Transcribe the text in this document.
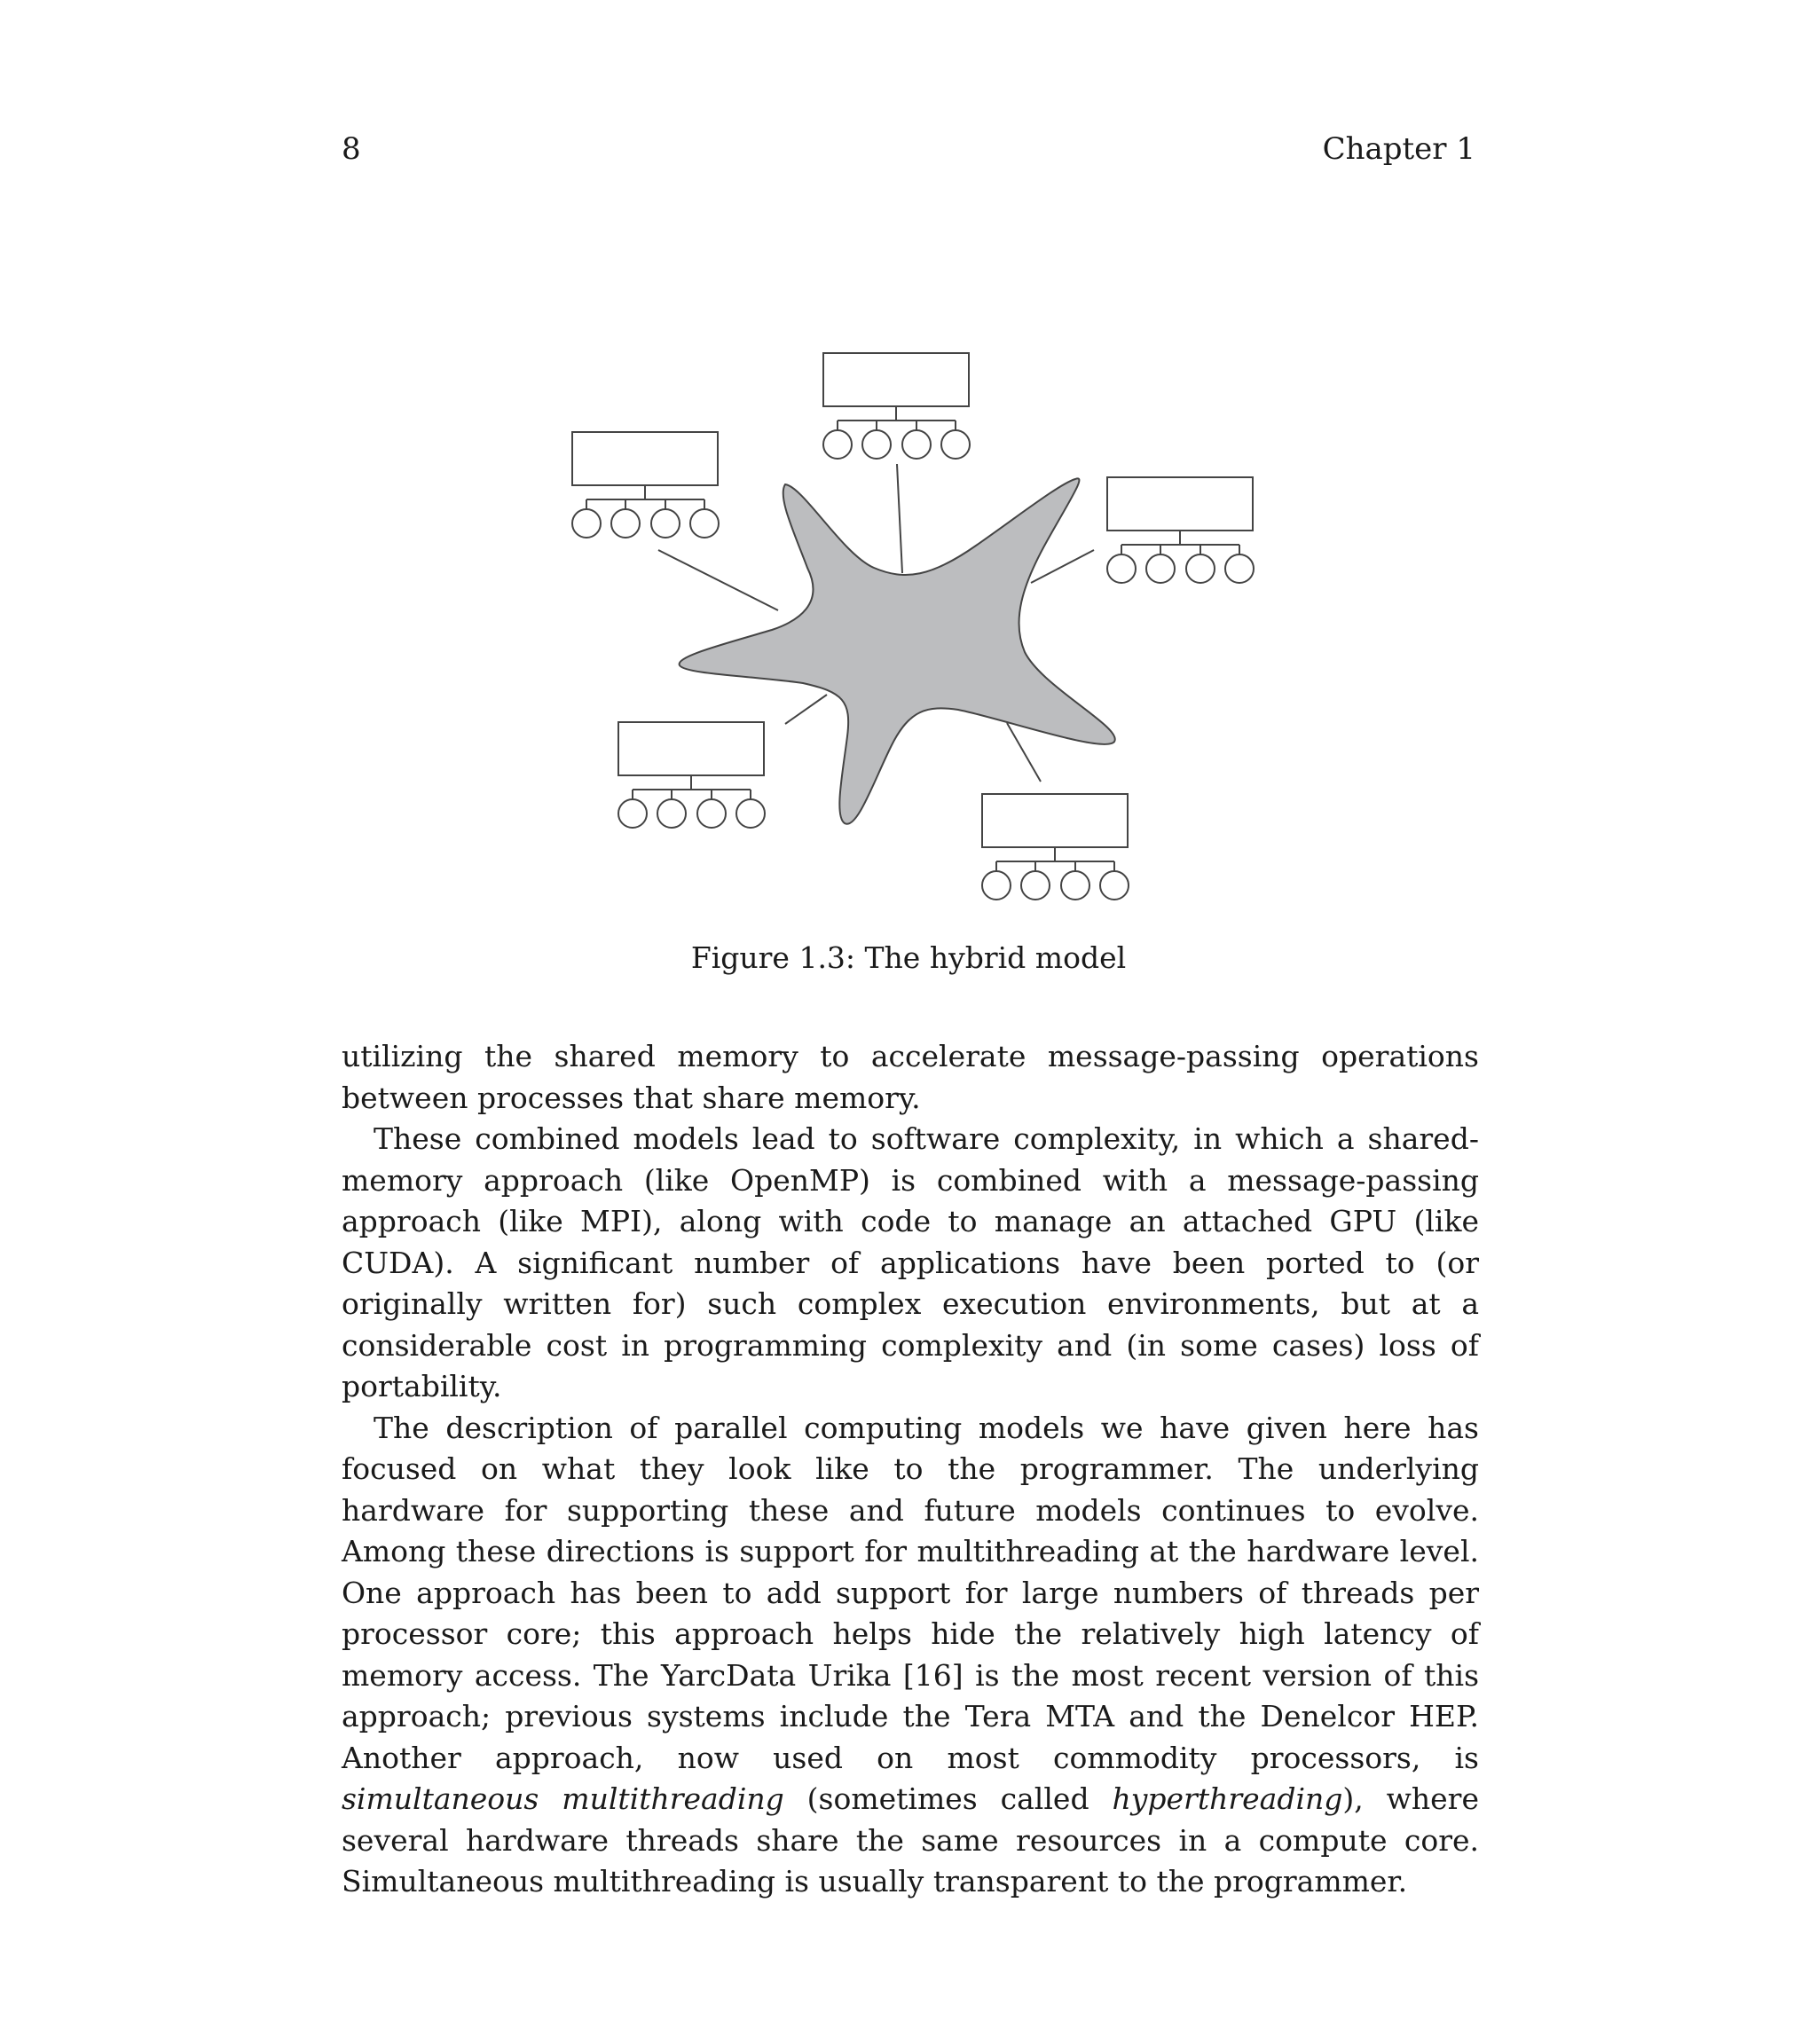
8	Chapter 1
Figure 1.3: The hybrid model

utilizing the shared memory to accelerate message-passing operations between processes that share memory.

These combined models lead to software complexity, in which a shared-memory approach (like OpenMP) is combined with a message-passing approach (like MPI), along with code to manage an attached GPU (like CUDA). A significant number of applications have been ported to (or originally written for) such complex execution environments, but at a considerable cost in programming complexity and (in some cases) loss of portability.

The description of parallel computing models we have given here has focused on what they look like to the programmer. The underlying hardware for supporting these and future models continues to evolve. Among these directions is support for multithreading at the hardware level. One approach has been to add support for large numbers of threads per processor core; this approach helps hide the relatively high latency of memory access. The YarcData Urika [16] is the most recent version of this approach; previous systems include the Tera MTA and the Denelcor HEP. Another approach, now used on most commodity processors, is simultaneous multithreading (sometimes called hyperthreading), where several hardware threads share the same resources in a compute core. Simultaneous multithreading is usually transparent to the programmer.
